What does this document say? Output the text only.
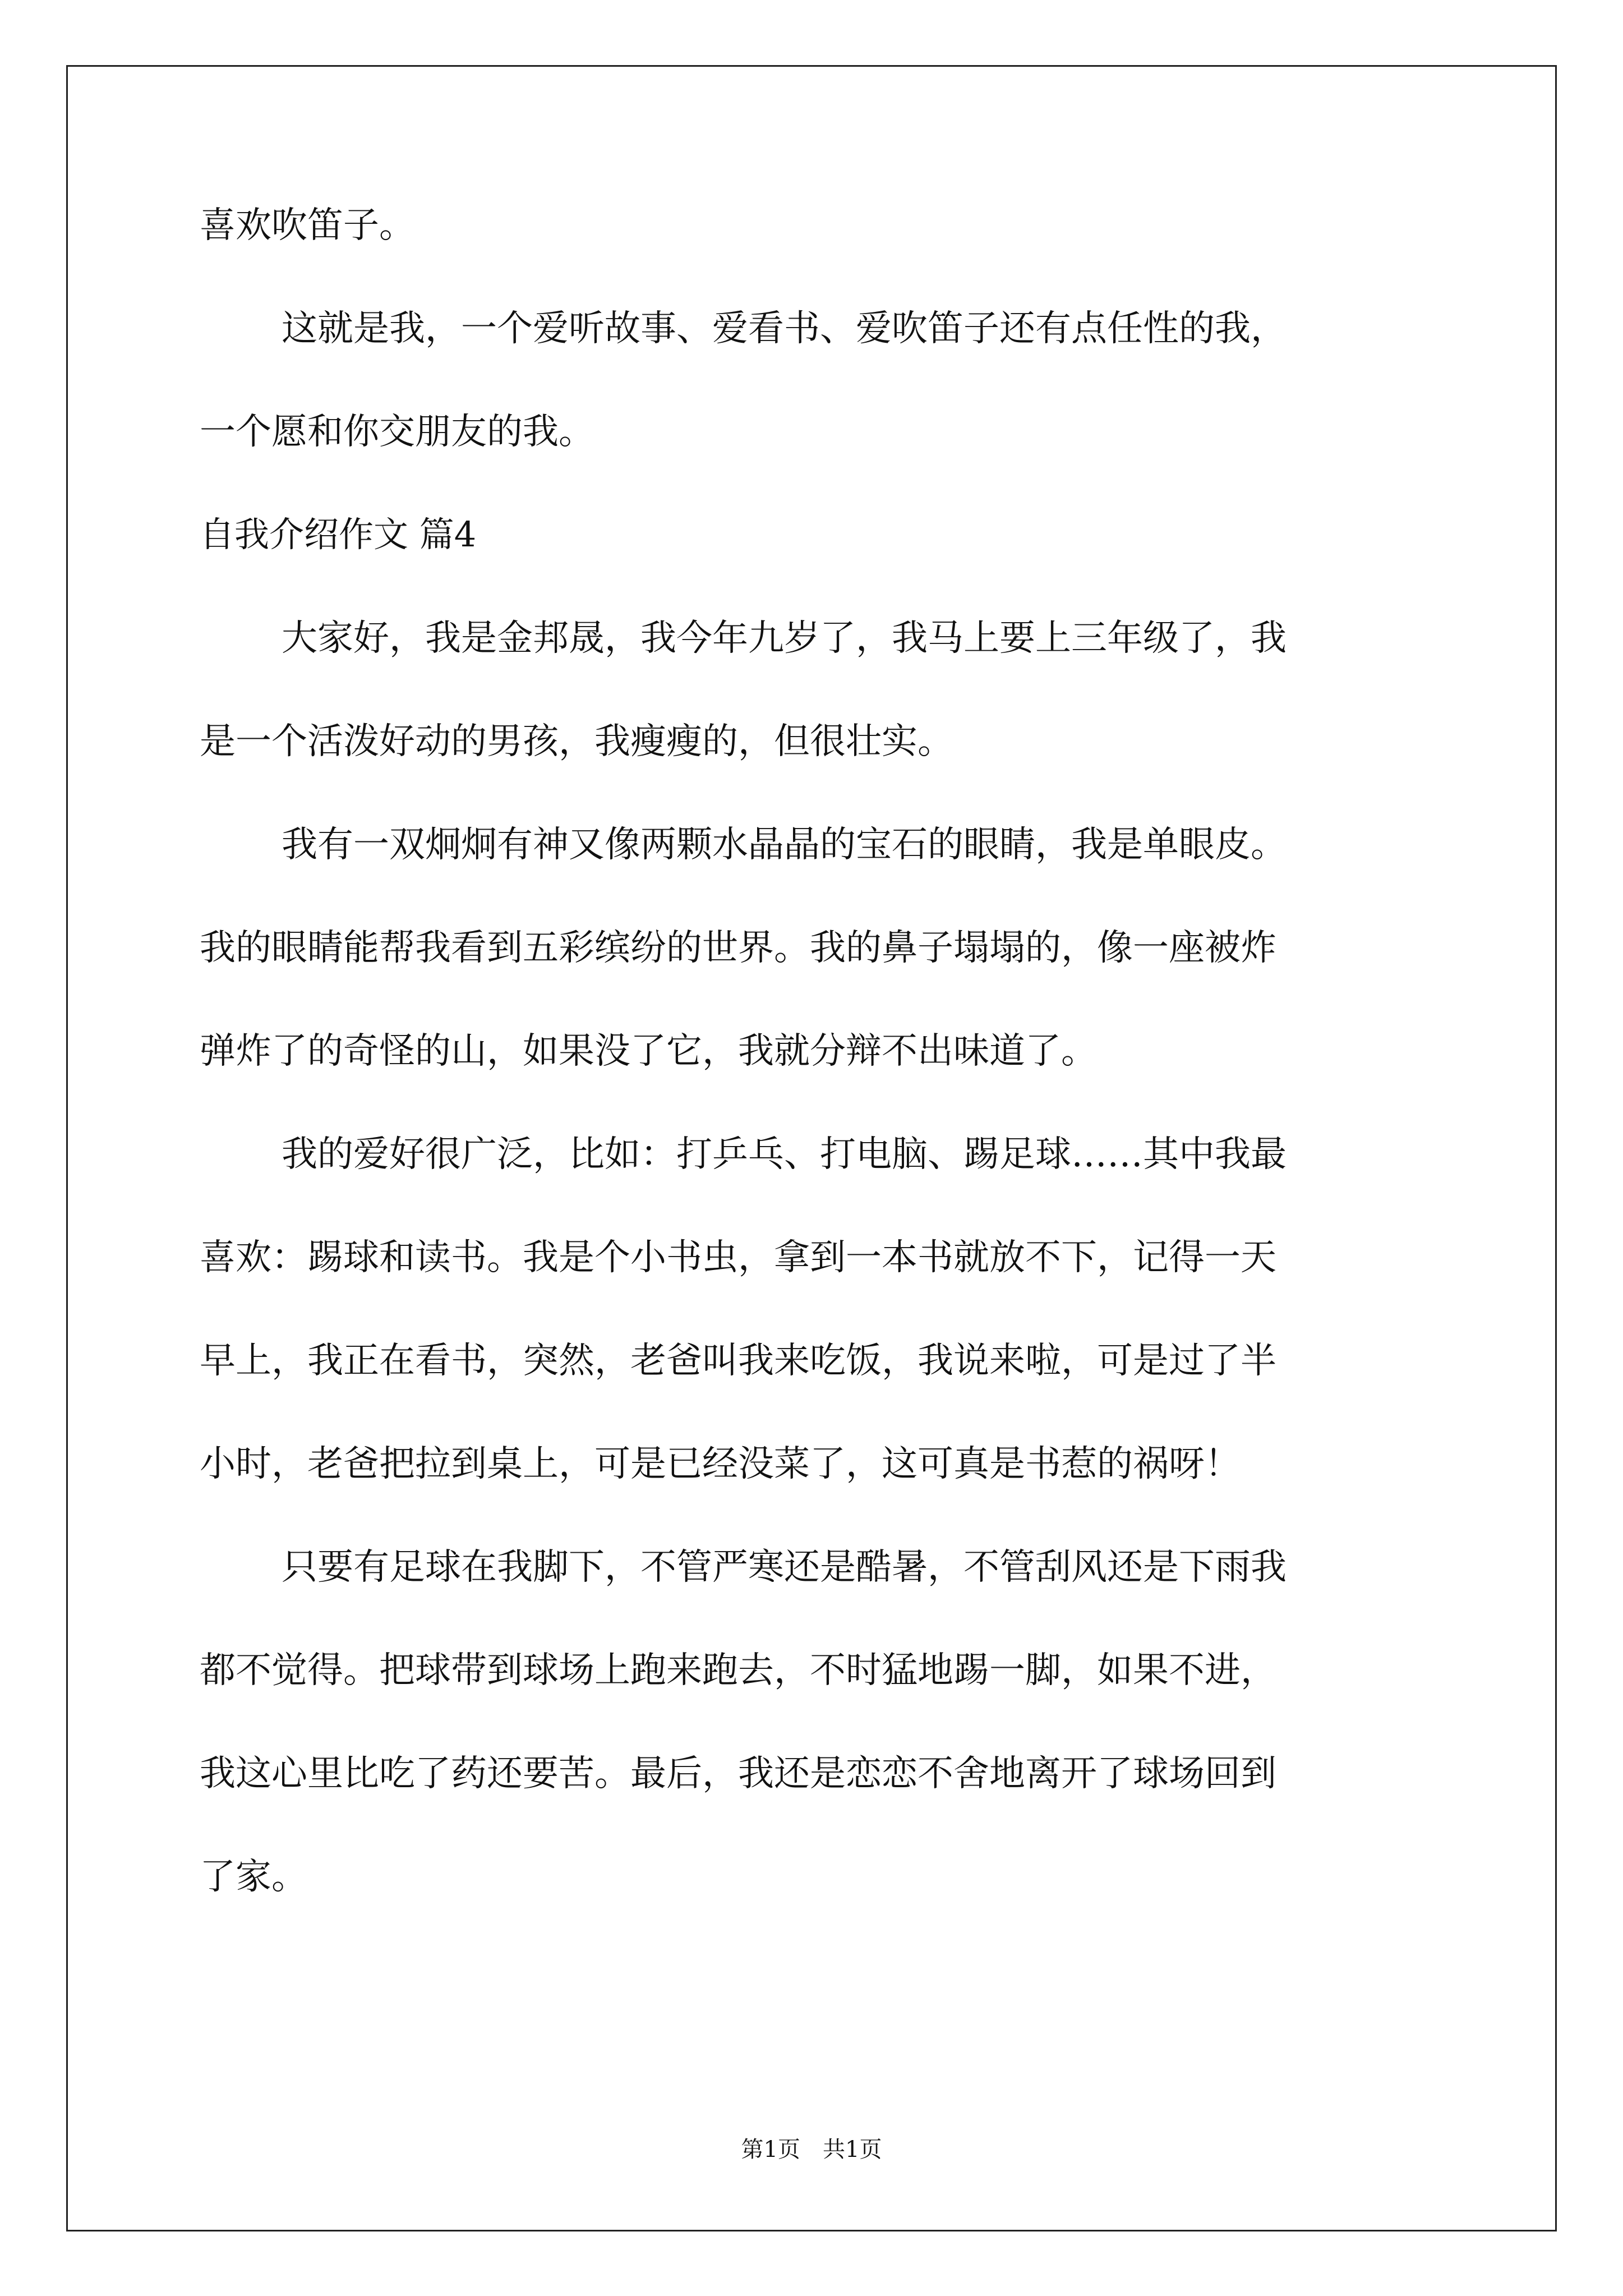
喜欢吹笛子。
这就是我，一个爱听故事、爱看书、爱吹笛子还有点任性的我，
一个愿和你交朋友的我。
自我介绍作文 篇4
大家好，我是金邦晟，我今年九岁了，我马上要上三年级了，我
是一个活泼好动的男孩，我瘦瘦的，但很壮实。
我有一双炯炯有神又像两颗水晶晶的宝石的眼睛，我是单眼皮。
我的眼睛能帮我看到五彩缤纷的世界。我的鼻子塌塌的，像一座被炸
弹炸了的奇怪的山，如果没了它，我就分辩不出味道了。
我的爱好很广泛，比如：打乒乓、打电脑、踢足球……其中我最
喜欢：踢球和读书。我是个小书虫，拿到一本书就放不下，记得一天
早上，我正在看书，突然，老爸叫我来吃饭，我说来啦，可是过了半
小时，老爸把拉到桌上，可是已经没菜了，这可真是书惹的祸呀！
只要有足球在我脚下，不管严寒还是酷暑，不管刮风还是下雨我
都不觉得。把球带到球场上跑来跑去，不时猛地踢一脚，如果不进，
我这心里比吃了药还要苦。最后，我还是恋恋不舍地离开了球场回到
了家。
第1页　共1页
